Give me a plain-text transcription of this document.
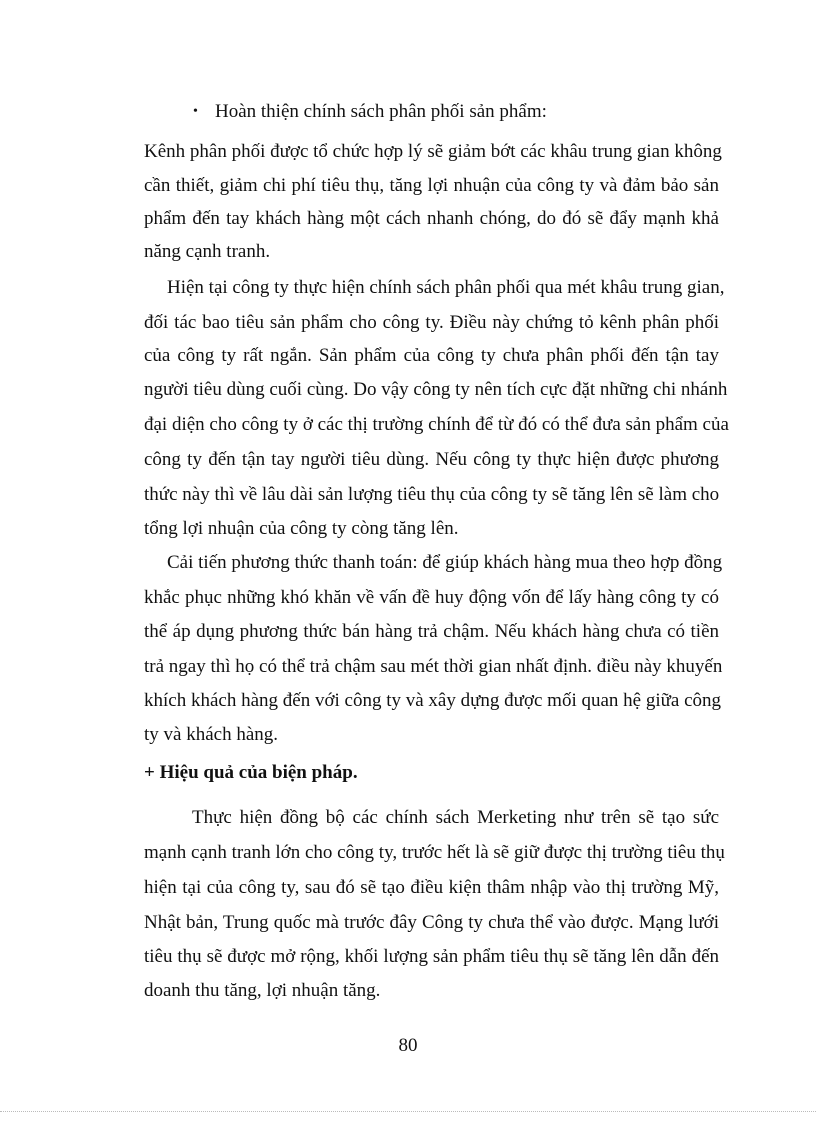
• Hoàn thiện chính sách phân phối sản phẩm:
Kênh phân phối được tổ chức hợp lý sẽ giảm bớt các khâu trung gian không
cần thiết, giảm chi phí tiêu thụ, tăng lợi nhuận của công ty và đảm bảo sản
phẩm đến tay khách hàng một cách nhanh chóng, do đó sẽ đẩy mạnh khả
năng cạnh tranh.
Hiện tại công ty thực hiện chính sách phân phối qua mét khâu trung gian,
đối tác bao tiêu sản phẩm cho công ty. Điều này chứng tỏ kênh phân phối
của công ty rất ngắn. Sản phẩm của công ty chưa phân phối đến tận tay
người tiêu dùng cuối cùng. Do vậy công ty nên tích cực đặt những chi nhánh
đại diện cho công ty ở các thị trường chính để từ đó có thể đưa sản phẩm của
công ty đến tận tay người tiêu dùng. Nếu công ty thực hiện được phương
thức này thì về lâu dài sản lượng tiêu thụ của công ty sẽ tăng lên sẽ làm cho
tổng lợi nhuận của công ty còng tăng lên.
Cải tiến phương thức thanh toán: để giúp khách hàng mua theo hợp đồng
khắc phục những khó khăn về vấn đề huy động vốn để lấy hàng công ty có
thể áp dụng phương thức bán hàng trả chậm. Nếu khách hàng chưa có tiền
trả ngay thì họ có thể trả chậm sau mét thời gian nhất định. điều này khuyến
khích khách hàng đến với công ty và xây dựng được mối quan hệ giữa công
ty và khách hàng.
+ Hiệu quả của biện pháp.
Thực hiện đồng bộ các chính sách Merketing như trên sẽ tạo sức
mạnh cạnh tranh lớn cho công ty, trước hết là sẽ giữ được thị trường tiêu thụ
hiện tại của công ty, sau đó sẽ tạo điều kiện thâm nhập vào thị trường Mỹ,
Nhật bản, Trung quốc mà trước đây Công ty chưa thể vào được. Mạng lưới
tiêu thụ sẽ được mở rộng, khối lượng sản phẩm tiêu thụ sẽ tăng lên dẫn đến
doanh thu tăng, lợi nhuận tăng.
80
